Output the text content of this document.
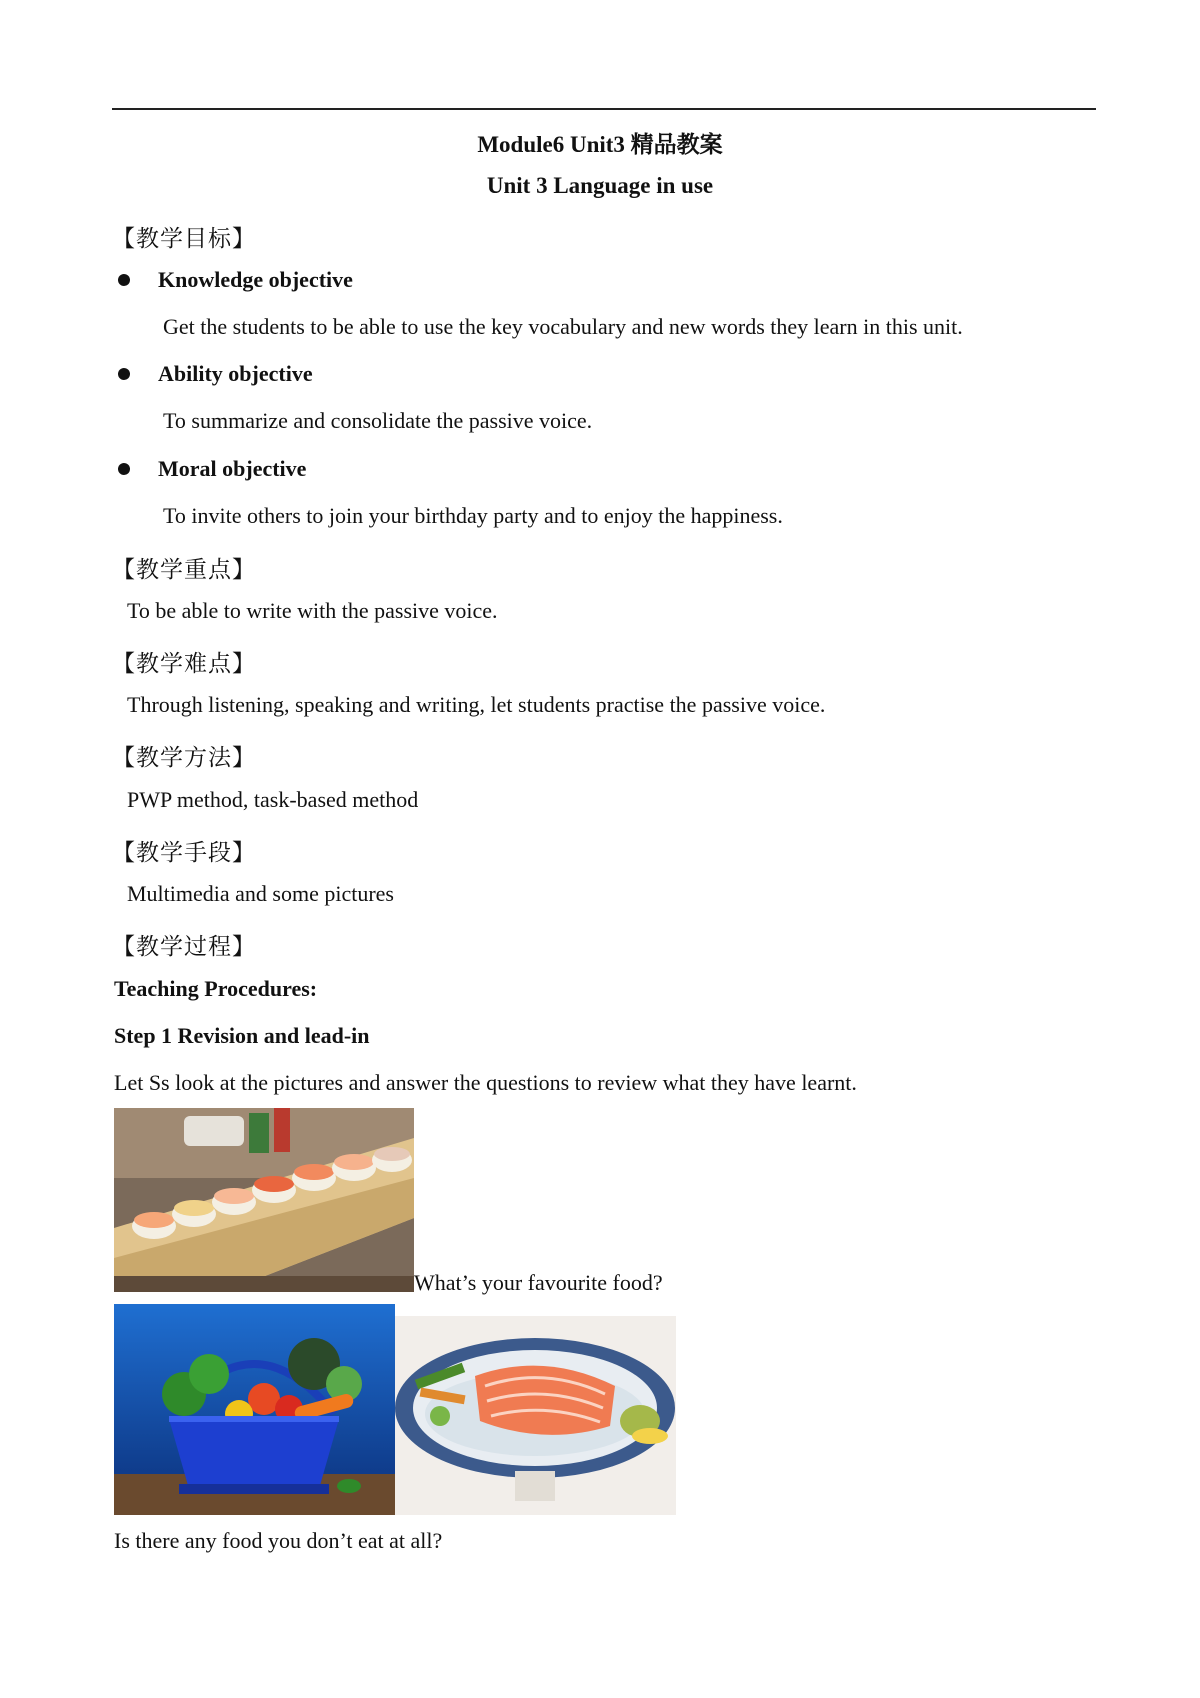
Module6 Unit3 精品教案
Unit 3 Language in use
【教学目标】
Knowledge objective
Get the students to be able to use the key vocabulary and new words they learn in this unit.
Ability objective
To summarize and consolidate the passive voice.
Moral objective
To invite others to join your birthday party and to enjoy the happiness.
【教学重点】
To be able to write with the passive voice.
【教学难点】
Through listening, speaking and writing, let students practise the passive voice.
【教学方法】
PWP method, task-based method
【教学手段】
Multimedia and some pictures
【教学过程】
Teaching Procedures:
Step 1 Revision and lead-in
Let Ss look at the pictures and answer the questions to review what they have learnt.
What’s your favourite food?
Is there any food you don’t eat at all?
